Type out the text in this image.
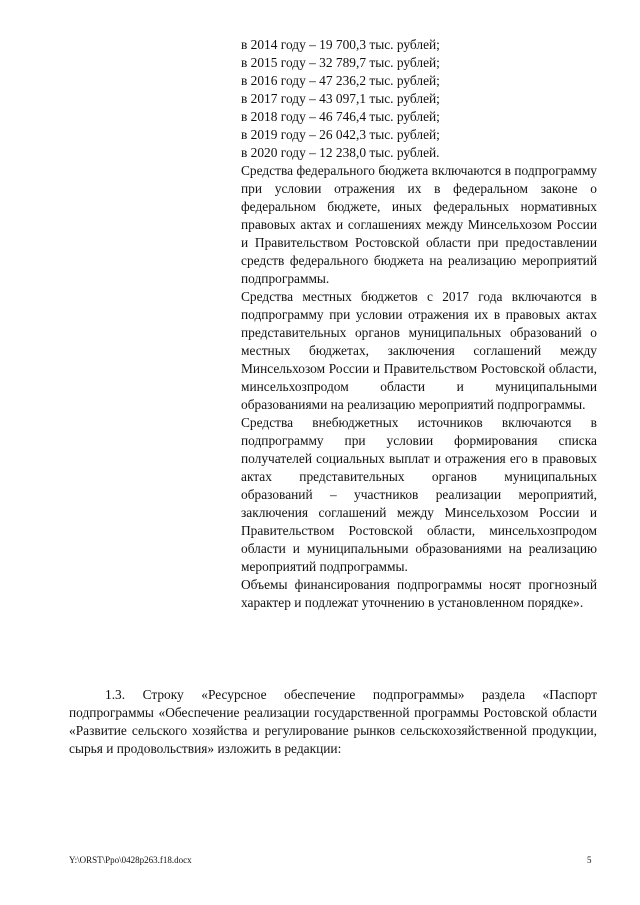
в 2014 году – 19 700,3 тыс. рублей;
в 2015 году – 32 789,7 тыс. рублей;
в 2016 году – 47 236,2 тыс. рублей;
в 2017 году – 43 097,1 тыс. рублей;
в 2018 году – 46 746,4 тыс. рублей;
в 2019 году – 26 042,3 тыс. рублей;
в 2020 году – 12 238,0 тыс. рублей.

Средства федерального бюджета включаются в подпрограмму при условии отражения их в федеральном законе о федеральном бюджете, иных федеральных нормативных правовых актах и соглашениях между Минсельхозом России и Правительством Ростовской области при предоставлении средств федерального бюджета на реализацию мероприятий подпрограммы.

Средства местных бюджетов с 2017 года включаются в подпрограмму при условии отражения их в правовых актах представительных органов муниципальных образований о местных бюджетах, заключения соглашений между Минсельхозом России и Правительством Ростовской области, минсельхозпродом области и муниципальными образованиями на реализацию мероприятий подпрограммы.

Средства внебюджетных источников включаются в подпрограмму при условии формирования списка получателей социальных выплат и отражения его в правовых актах представительных органов муниципальных образований – участников реализации мероприятий, заключения соглашений между Минсельхозом России и Правительством Ростовской области, минсельхозпродом области и муниципальными образованиями на реализацию мероприятий подпрограммы.

Объемы финансирования подпрограммы носят прогнозный характер и подлежат уточнению в установленном порядке».

1.3. Строку «Ресурсное обеспечение подпрограммы» раздела «Паспорт подпрограммы «Обеспечение реализации государственной программы Ростовской области «Развитие сельского хозяйства и регулирование рынков сельскохозяйственной продукции, сырья и продовольствия» изложить в редакции:

Y:\ORST\Ppo\0428p263.f18.docx	5
